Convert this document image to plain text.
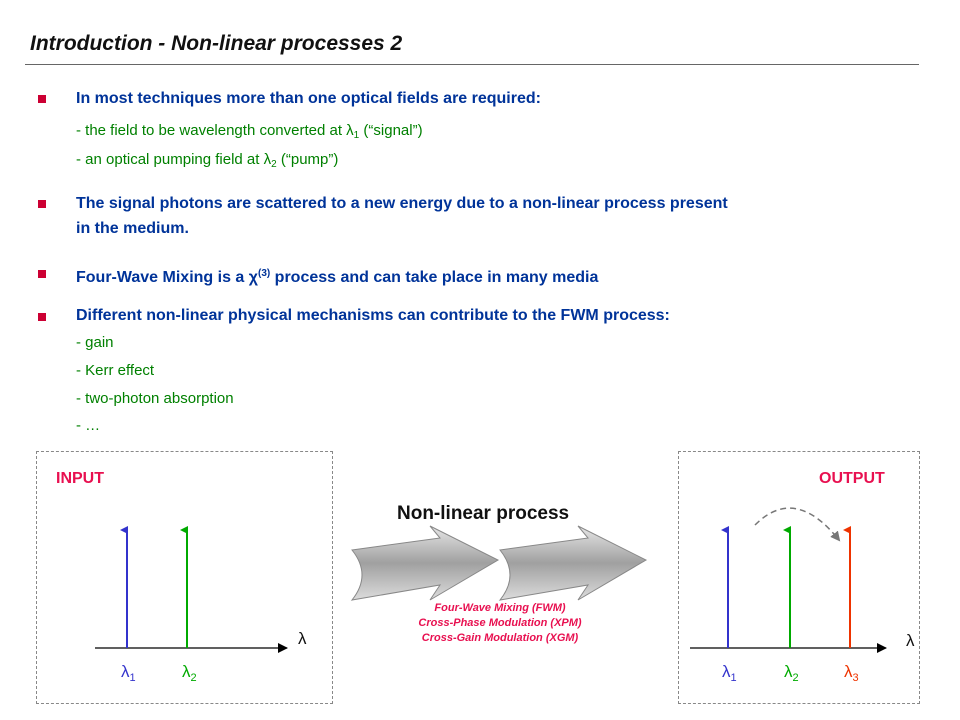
Introduction - Non-linear processes 2
In most techniques more than one optical fields are required:
- the field to be wavelength converted at $\lambda_1$ (“signal”)
- an optical pumping field at $\lambda_2$ (“pump”)
The signal photons are scattered to a new energy due to a non-linear process present
in the medium.
Four-Wave Mixing is a $\chi^{(3)}$ process and can take place in many media
Different non-linear physical mechanisms can contribute to the FWM process:
- gain
- Kerr effect
- two-photon absorption
- …
INPUT	OUTPUT
Non-linear process
Four-Wave Mixing (FWM)
Cross-Phase Modulation (XPM)
Cross-Gain Modulation (XGM)
λ	λ
$\lambda_1$	$\lambda_2$	$\lambda_1$	$\lambda_2$	$\lambda_3$
